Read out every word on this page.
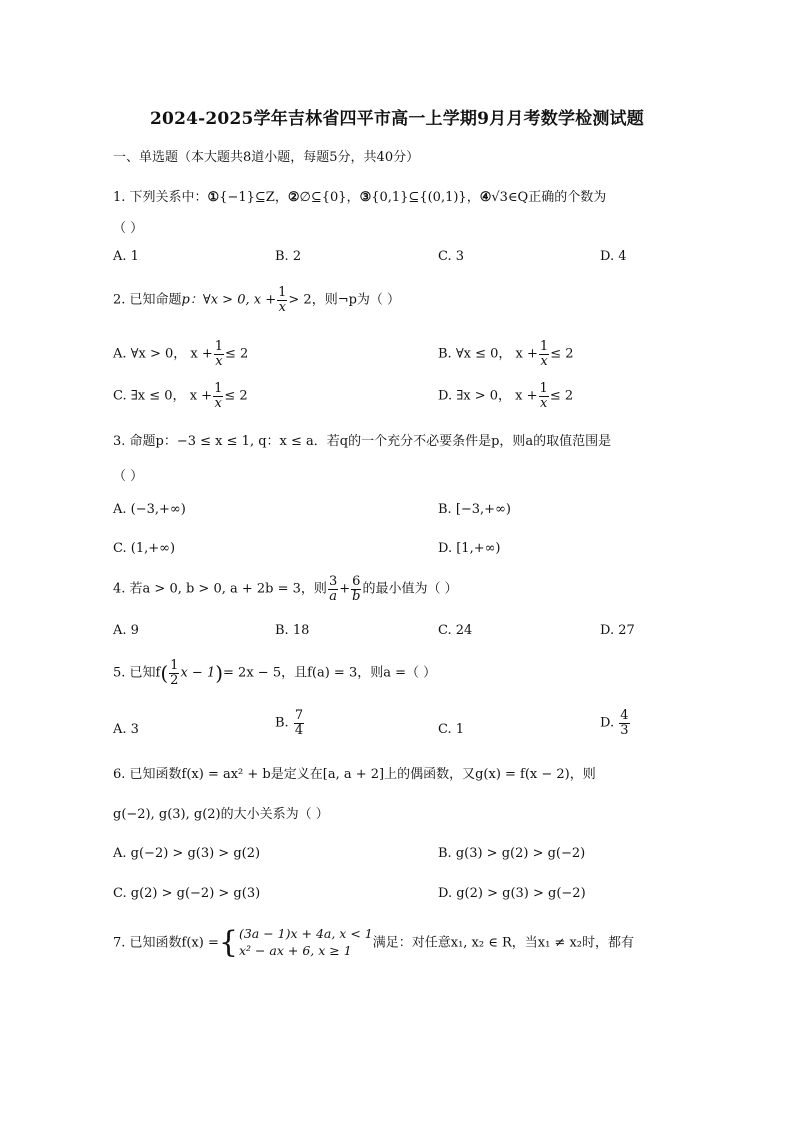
2024-2025学年吉林省四平市高一上学期9月月考数学检测试题
一、单选题（本大题共8道小题，每题5分，共40分）
1. 下列关系中：①{−1}⊆Z，②∅⊆{0}，③{0,1}⊆{(0,1)}，④√3∈Q正确的个数为
（ ）
A. 1	B. 2	C. 3	D. 4
2. 已知命题p：∀x > 0, $x + \frac{1}{x} > 2$，则¬p为（ ）
A. ∀x > 0， $x + \frac{1}{x} \le 2$	B. ∀x ≤ 0， $x + \frac{1}{x} \le 2$
C. ∃x ≤ 0， $x + \frac{1}{x} \le 2$	D. ∃x > 0， $x + \frac{1}{x} \le 2$
3. 命题p：−3 ≤ x ≤ 1, q：x ≤ a．若q的一个充分不必要条件是p，则a的取值范围是
（ ）
A. (−3,+∞)	B. [−3,+∞)
C. (1,+∞)	D. [1,+∞)
4. 若a > 0, b > 0, a + 2b = 3，则 $\frac{3}{a} + \frac{6}{b}$ 的最小值为（ ）
A. 9	B. 18	C. 24	D. 27
5. 已知$f( \frac{1}{2}$ x − 1)= 2x − 5，且f(a) = 3，则a =（ ）
A. 3	B. $\frac{7}{4}$	C. 1	D. $\frac{4}{3}$
6. 已知函数f(x) = ax² + b是定义在[a, a + 2]上的偶函数，又g(x) = f(x − 2)，则
g(−2), g(3), g(2)的大小关系为（ ）
A. g(−2) > g(3) > g(2)	B. g(3) > g(2) > g(−2)
C. g(2) > g(−2) > g(3)	D. g(2) > g(3) > g(−2)
7. 已知函数f(x) ={ (3a − 1)x + 4a, x < 1
x² − ax + 6, x ≥ 1	满足：对任意x₁, x₂ ∈ R，当x₁ ≠ x₂时，都有
